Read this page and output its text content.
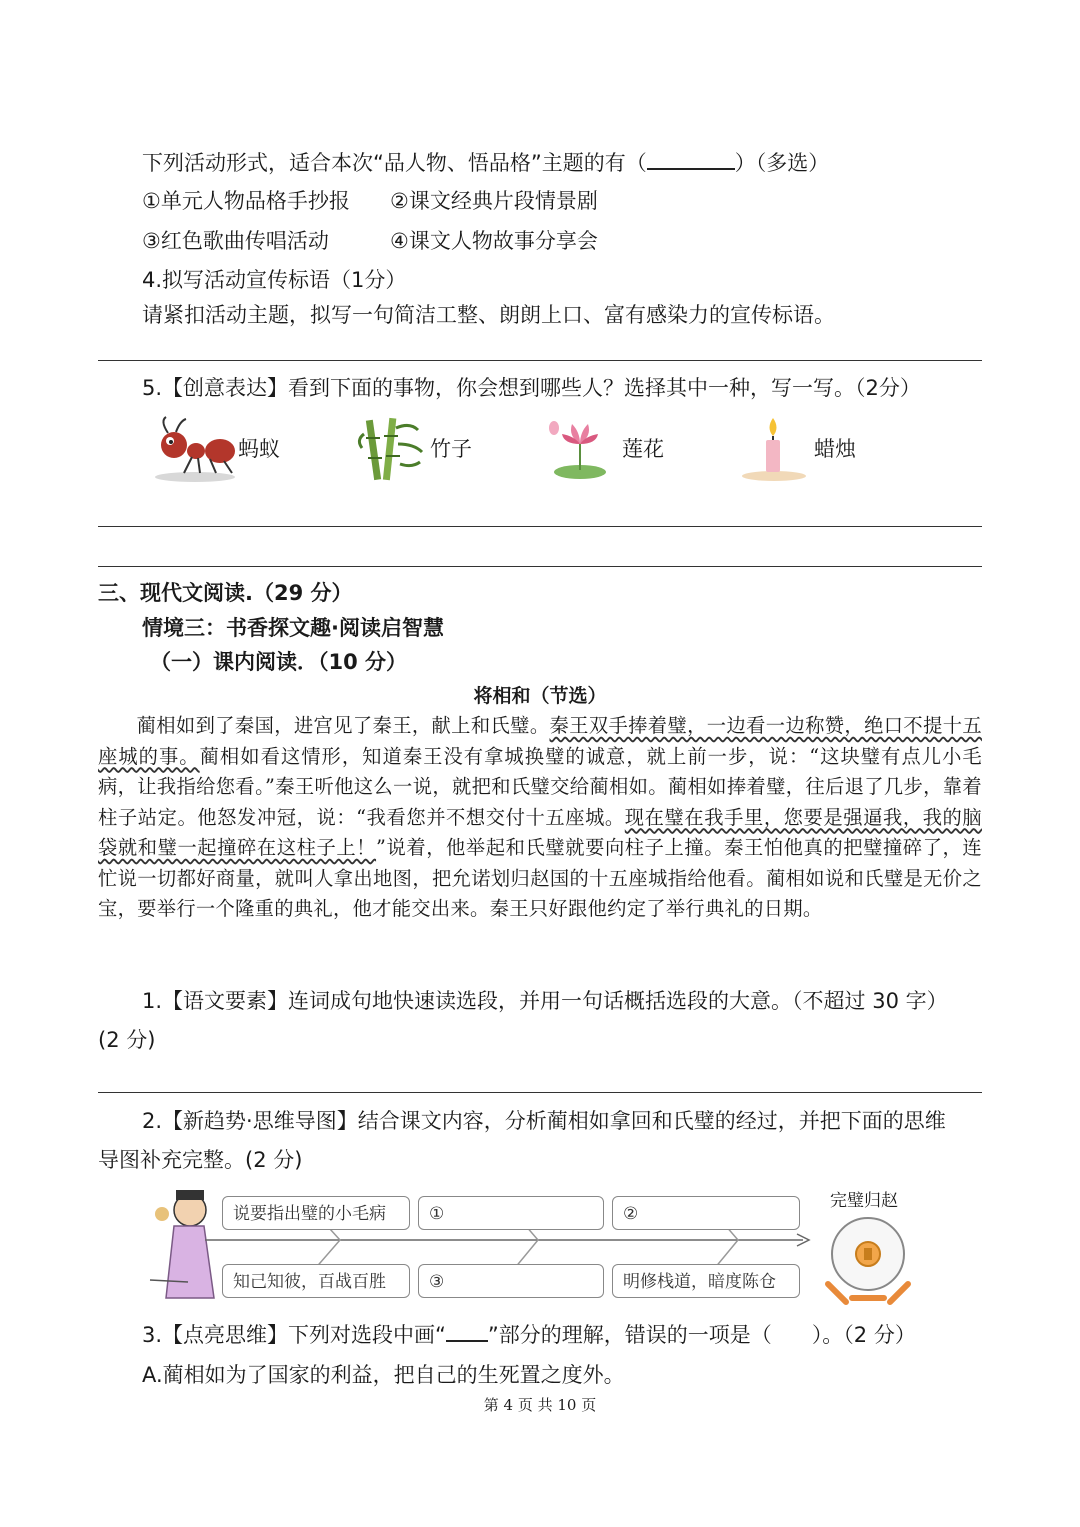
下列活动形式，适合本次“品人物、悟品格”主题的有（	）（多选）
①单元人物品格手抄报 ②课文经典片段情景剧
③红色歌曲传唱活动	④课文人物故事分享会
4.拟写活动宣传标语（1分）
请紧扣活动主题，拟写一句简洁工整、朗朗上口、富有感染力的宣传标语。
5.【创意表达】看到下面的事物，你会想到哪些人？选择其中一种，写一写。（2分）
蚂蚁	竹子	莲花	蜡烛
三、现代文阅读.（29 分）
情境三：书香探文趣·阅读启智慧
（一）课内阅读．（10 分）
将相和（节选）
蔺相如到了秦国，进宫见了秦王，献上和氏璧。秦王双手捧着璧，一边看一边称赞，绝口不提十五座城的事。蔺相如看这情形，知道秦王没有拿城换璧的诚意，就上前一步，说：“这块璧有点儿小毛病，让我指给您看。”秦王听他这么一说，就把和氏璧交给蔺相如。蔺相如捧着璧，往后退了几步，靠着柱子站定。他怒发冲冠，说：“我看您并不想交付十五座城。现在璧在我手里，您要是强逼我，我的脑袋就和璧一起撞碎在这柱子上！”说着，他举起和氏璧就要向柱子上撞。秦王怕他真的把璧撞碎了，连忙说一切都好商量，就叫人拿出地图，把允诺划归赵国的十五座城指给他看。蔺相如说和氏璧是无价之宝，要举行一个隆重的典礼，他才能交出来。秦王只好跟他约定了举行典礼的日期。
1.【语文要素】连词成句地快速读选段，并用一句话概括选段的大意。（不超过 30 字）
(2 分)
2.【新趋势·思维导图】结合课文内容，分析蔺相如拿回和氏璧的经过，并把下面的思维
导图补充完整。(2 分)
说要指出璧的小毛病	①	②
知己知彼，百战百胜	③	明修栈道，暗度陈仓
完璧归赵
3.【点亮思维】下列对选段中画“ ”部分的理解，错误的一项是（ ）。（2 分）
A.蔺相如为了国家的利益，把自己的生死置之度外。
第 4 页 共 10 页
